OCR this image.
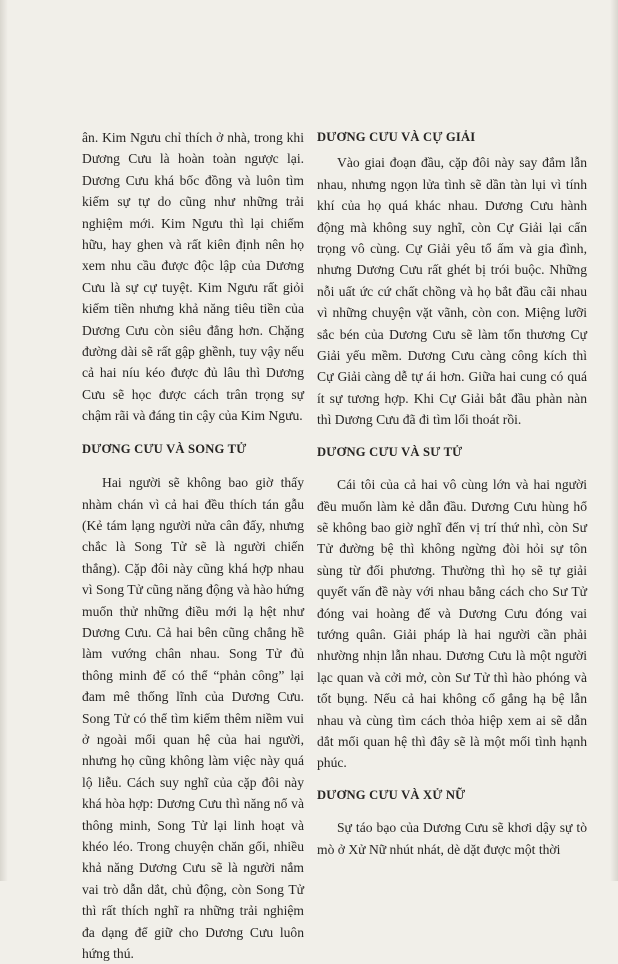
ân. Kim Ngưu chỉ thích ở nhà, trong khi Dương Cưu là hoàn toàn ngược lại. Dương Cưu khá bốc đồng và luôn tìm kiếm sự tự do cũng như những trải nghiệm mới. Kim Ngưu thì lại chiếm hữu, hay ghen và rất kiên định nên họ xem nhu cầu được độc lập của Dương Cưu là sự cự tuyệt. Kim Ngưu rất giỏi kiếm tiền nhưng khả năng tiêu tiền của Dương Cưu còn siêu đẳng hơn. Chặng đường dài sẽ rất gập ghềnh, tuy vậy nếu cả hai níu kéo được đủ lâu thì Dương Cưu sẽ học được cách trân trọng sự chậm rãi và đáng tin cậy của Kim Ngưu.

DƯƠNG CƯU VÀ SONG TỬ

Hai người sẽ không bao giờ thấy nhàm chán vì cả hai đều thích tán gẫu (Kẻ tám lạng người nửa cân đấy, nhưng chắc là Song Tử sẽ là người chiến thắng). Cặp đôi này cũng khá hợp nhau vì Song Tử cũng năng động và hào hứng muốn thử những điều mới lạ hệt như Dương Cưu. Cả hai bên cũng chẳng hề làm vướng chân nhau. Song Tử đủ thông minh để có thể “phản công” lại đam mê thống lĩnh của Dương Cưu. Song Tử có thể tìm kiếm thêm niềm vui ở ngoài mối quan hệ của hai người, nhưng họ cũng không làm việc này quá lộ liễu. Cách suy nghĩ của cặp đôi này khá hòa hợp: Dương Cưu thì năng nổ và thông minh, Song Tử lại linh hoạt và khéo léo. Trong chuyện chăn gối, nhiều khả năng Dương Cưu sẽ là người nắm vai trò dẫn dắt, chủ động, còn Song Tử thì rất thích nghĩ ra những trải nghiệm đa dạng để giữ cho Dương Cưu luôn hứng thú.

DƯƠNG CƯU VÀ CỰ GIẢI

Vào giai đoạn đầu, cặp đôi này say đắm lẫn nhau, nhưng ngọn lửa tình sẽ dần tàn lụi vì tính khí của họ quá khác nhau. Dương Cưu hành động mà không suy nghĩ, còn Cự Giải lại cẩn trọng vô cùng. Cự Giải yêu tổ ấm và gia đình, nhưng Dương Cưu rất ghét bị trói buộc. Những nỗi uất ức cứ chất chồng và họ bắt đầu cãi nhau vì những chuyện vặt vãnh, còn con. Miệng lưỡi sắc bén của Dương Cưu sẽ làm tổn thương Cự Giải yếu mềm. Dương Cưu càng công kích thì Cự Giải càng dễ tự ái hơn. Giữa hai cung có quá ít sự tương hợp. Khi Cự Giải bắt đầu phàn nàn thì Dương Cưu đã đi tìm lối thoát rồi.

DƯƠNG CƯU VÀ SƯ TỬ

Cái tôi của cả hai vô cùng lớn và hai người đều muốn làm kẻ dẫn đầu. Dương Cưu hùng hổ sẽ không bao giờ nghĩ đến vị trí thứ nhì, còn Sư Tử đường bệ thì không ngừng đòi hỏi sự tôn sùng từ đối phương. Thường thì họ sẽ tự giải quyết vấn đề này với nhau bằng cách cho Sư Tử đóng vai hoàng đế và Dương Cưu đóng vai tướng quân. Giải pháp là hai người cần phải nhường nhịn lẫn nhau. Dương Cưu là một người lạc quan và cởi mở, còn Sư Tử thì hào phóng và tốt bụng. Nếu cả hai không cố gắng hạ bệ lẫn nhau và cùng tìm cách thỏa hiệp xem ai sẽ dẫn dắt mối quan hệ thì đây sẽ là một mối tình hạnh phúc.

DƯƠNG CƯU VÀ XỬ NỮ

Sự táo bạo của Dương Cưu sẽ khơi dậy sự tò mò ở Xử Nữ nhút nhát, dè dặt được một thời
